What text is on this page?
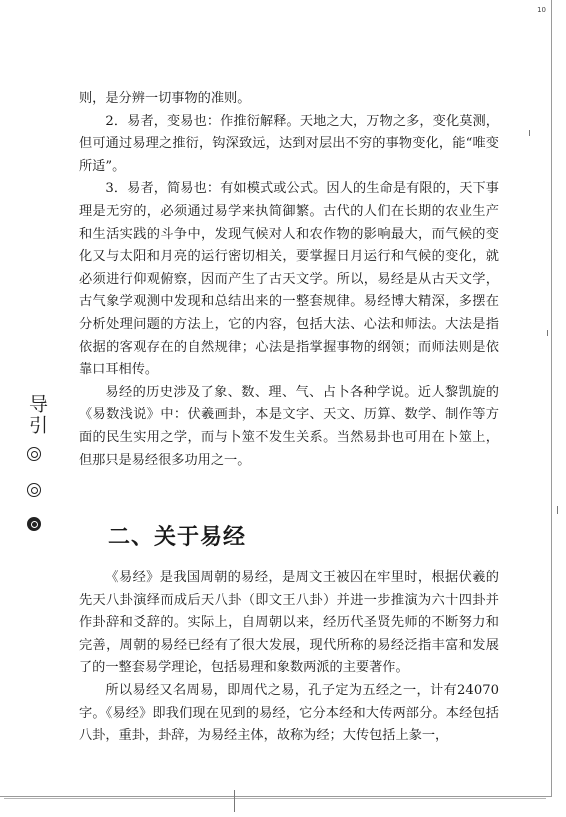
10

则，是分辨一切事物的准则。

2．易者，变易也：作推衍解释。天地之大，万物之多，变化莫测，但可通过易理之推衍，钩深致远，达到对层出不穷的事物变化，能“唯变所适”。

3．易者，简易也：有如模式或公式。因人的生命是有限的，天下事理是无穷的，必须通过易学来执简御繁。古代的人们在长期的农业生产和生活实践的斗争中，发现气候对人和农作物的影响最大，而气候的变化又与太阳和月亮的运行密切相关，要掌握日月运行和气候的变化，就必须进行仰观俯察，因而产生了古天文学。所以，易经是从古天文学，古气象学观测中发现和总结出来的一整套规律。易经博大精深，多摆在分析处理问题的方法上，它的内容，包括大法、心法和师法。大法是指依据的客观存在的自然规律；心法是指掌握事物的纲领；而师法则是依靠口耳相传。

易经的历史涉及了象、数、理、气、占卜各种学说。近人黎凯旋的《易数浅说》中：伏羲画卦，本是文字、天文、历算、数学、制作等方面的民生实用之学，而与卜筮不发生关系。当然易卦也可用在卜筮上，但那只是易经很多功用之一。

二、关于易经

《易经》是我国周朝的易经，是周文王被囚在牢里时，根据伏羲的先天八卦演绎而成后天八卦（即文王八卦）并进一步推演为六十四卦并作卦辞和爻辞的。实际上，自周朝以来，经历代圣贤先师的不断努力和完善，周朝的易经已经有了很大发展，现代所称的易经泛指丰富和发展了的一整套易学理论，包括易理和象数两派的主要著作。

所以易经又名周易，即周代之易，孔子定为五经之一，计有24070字。《易经》即我们现在见到的易经，它分本经和大传两部分。本经包括八卦，重卦，卦辞，为易经主体，故称为经；大传包括上彖一，

导引
